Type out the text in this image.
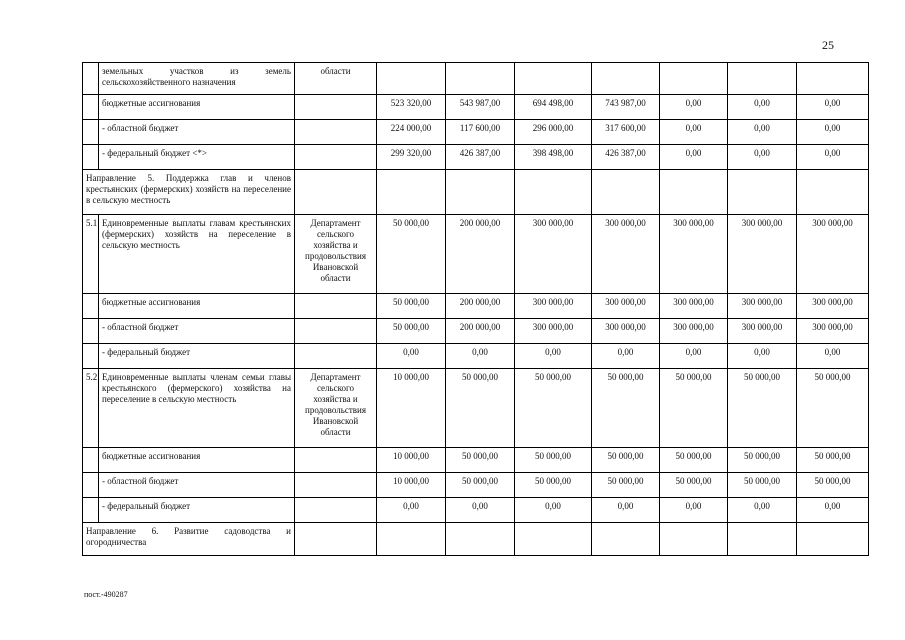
25
	земельных участков из земель сельскохозяйственного назначения	области							
	бюджетные ассигнования		523 320,00	543 987,00	694 498,00	743 987,00	0,00	0,00	0,00
	- областной бюджет		224 000,00	117 600,00	296 000,00	317 600,00	0,00	0,00	0,00
	- федеральный бюджет <*>		299 320,00	426 387,00	398 498,00	426 387,00	0,00	0,00	0,00
Направление 5. Поддержка глав и членов крестьянских (фермерских) хозяйств на переселение в сельскую местность									
5.1	Единовременные выплаты главам крестьянских (фермерских) хозяйств на переселение в сельскую местность	Департамент сельского хозяйства и продовольствия Ивановской области	50 000,00	200 000,00	300 000,00	300 000,00	300 000,00	300 000,00	300 000,00
	бюджетные ассигнования		50 000,00	200 000,00	300 000,00	300 000,00	300 000,00	300 000,00	300 000,00
	- областной бюджет		50 000,00	200 000,00	300 000,00	300 000,00	300 000,00	300 000,00	300 000,00
	- федеральный бюджет		0,00	0,00	0,00	0,00	0,00	0,00	0,00
5.2	Единовременные выплаты членам семьи главы крестьянского (фермерского) хозяйства на переселение в сельскую местность	Департамент сельского хозяйства и продовольствия Ивановской области	10 000,00	50 000,00	50 000,00	50 000,00	50 000,00	50 000,00	50 000,00
	бюджетные ассигнования		10 000,00	50 000,00	50 000,00	50 000,00	50 000,00	50 000,00	50 000,00
	- областной бюджет		10 000,00	50 000,00	50 000,00	50 000,00	50 000,00	50 000,00	50 000,00
	- федеральный бюджет		0,00	0,00	0,00	0,00	0,00	0,00	0,00
Направление 6. Развитие садоводства и огородничества									
пост.-490287
